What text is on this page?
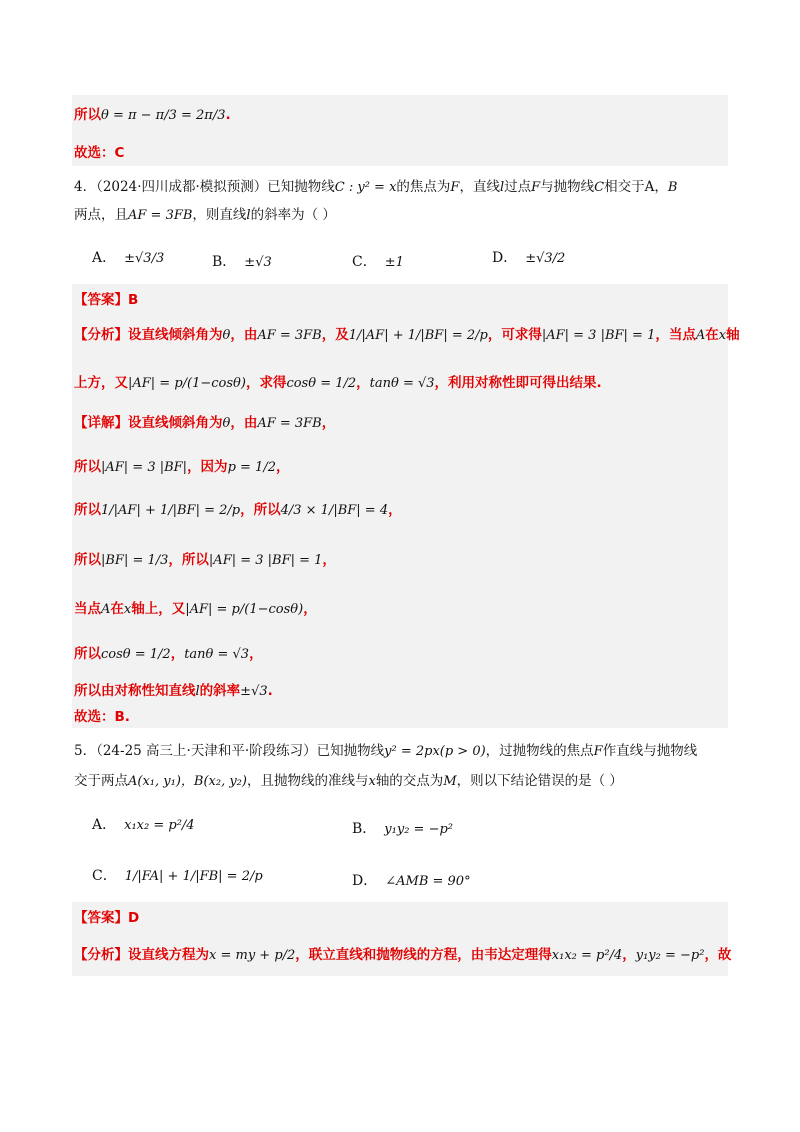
所以θ = π − π/3 = 2π/3.
故选：C
4．（2024·四川成都·模拟预测）已知抛物线C : y² = x的焦点为F，直线l过点F与抛物线C相交于A，B
两点，且AF = 3FB，则直线l的斜率为（ ）
A． ±√3/3	B． ±√3	C． ±1	D． ±√3/2
【答案】B
【分析】设直线倾斜角为θ，由AF = 3FB，及1/|AF| + 1/|BF| = 2/p，可求得|AF| = 3 |BF| = 1，当点A在x轴
上方，又|AF| = p/(1−cosθ)，求得cosθ = 1/2，tanθ = √3，利用对称性即可得出结果.
【详解】设直线倾斜角为θ，由AF = 3FB，
所以|AF| = 3 |BF|，因为p = 1/2，
所以1/|AF| + 1/|BF| = 2/p，所以4/3 × 1/|BF| = 4，
所以|BF| = 1/3，所以|AF| = 3 |BF| = 1，
当点A在x轴上，又|AF| = p/(1−cosθ)，
所以cosθ = 1/2，tanθ = √3，
所以由对称性知直线l的斜率±√3.
故选：B.
5．（24-25 高三上·天津和平·阶段练习）已知抛物线y² = 2px(p > 0)，过抛物线的焦点F作直线与抛物线
交于两点A(x₁, y₁)，B(x₂, y₂)，且抛物线的准线与x轴的交点为M，则以下结论错误的是（ ）
A． x₁x₂ = p²/4	B． y₁y₂ = −p²
C． 1/|FA| + 1/|FB| = 2/p	D． ∠AMB = 90°
【答案】D
【分析】设直线方程为x = my + p/2，联立直线和抛物线的方程，由韦达定理得x₁x₂ = p²/4，y₁y₂ = −p²，故
